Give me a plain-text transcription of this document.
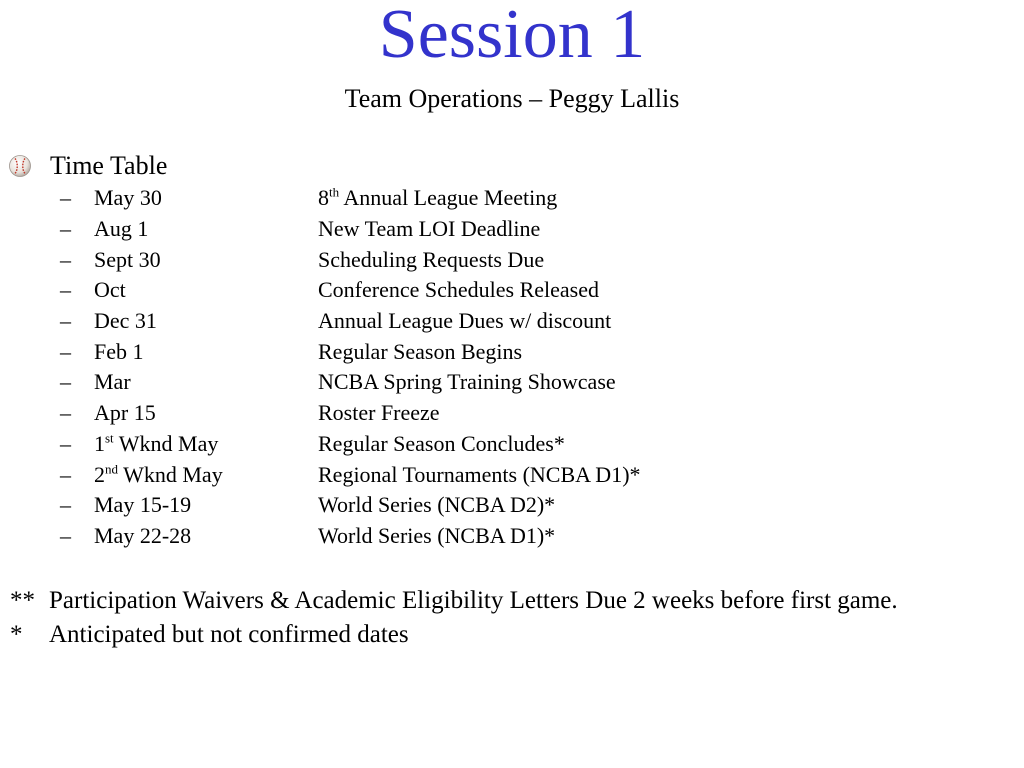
Session 1
Team Operations – Peggy Lallis
Time Table
–	May 30	8th Annual League Meeting
–	Aug 1	New Team LOI Deadline
–	Sept 30	Scheduling Requests Due
–	Oct	Conference Schedules Released
–	Dec 31	Annual League Dues w/ discount
–	Feb 1	Regular Season Begins
–	Mar	NCBA Spring Training Showcase
–	Apr 15	Roster Freeze
–	1st Wknd May	Regular Season Concludes*
–	2nd Wknd May	Regional Tournaments (NCBA D1)*
–	May 15-19	World Series (NCBA D2)*
–	May 22-28	World Series (NCBA D1)*
** Participation Waivers & Academic Eligibility Letters Due 2 weeks before first game.
*	Anticipated but not confirmed dates
